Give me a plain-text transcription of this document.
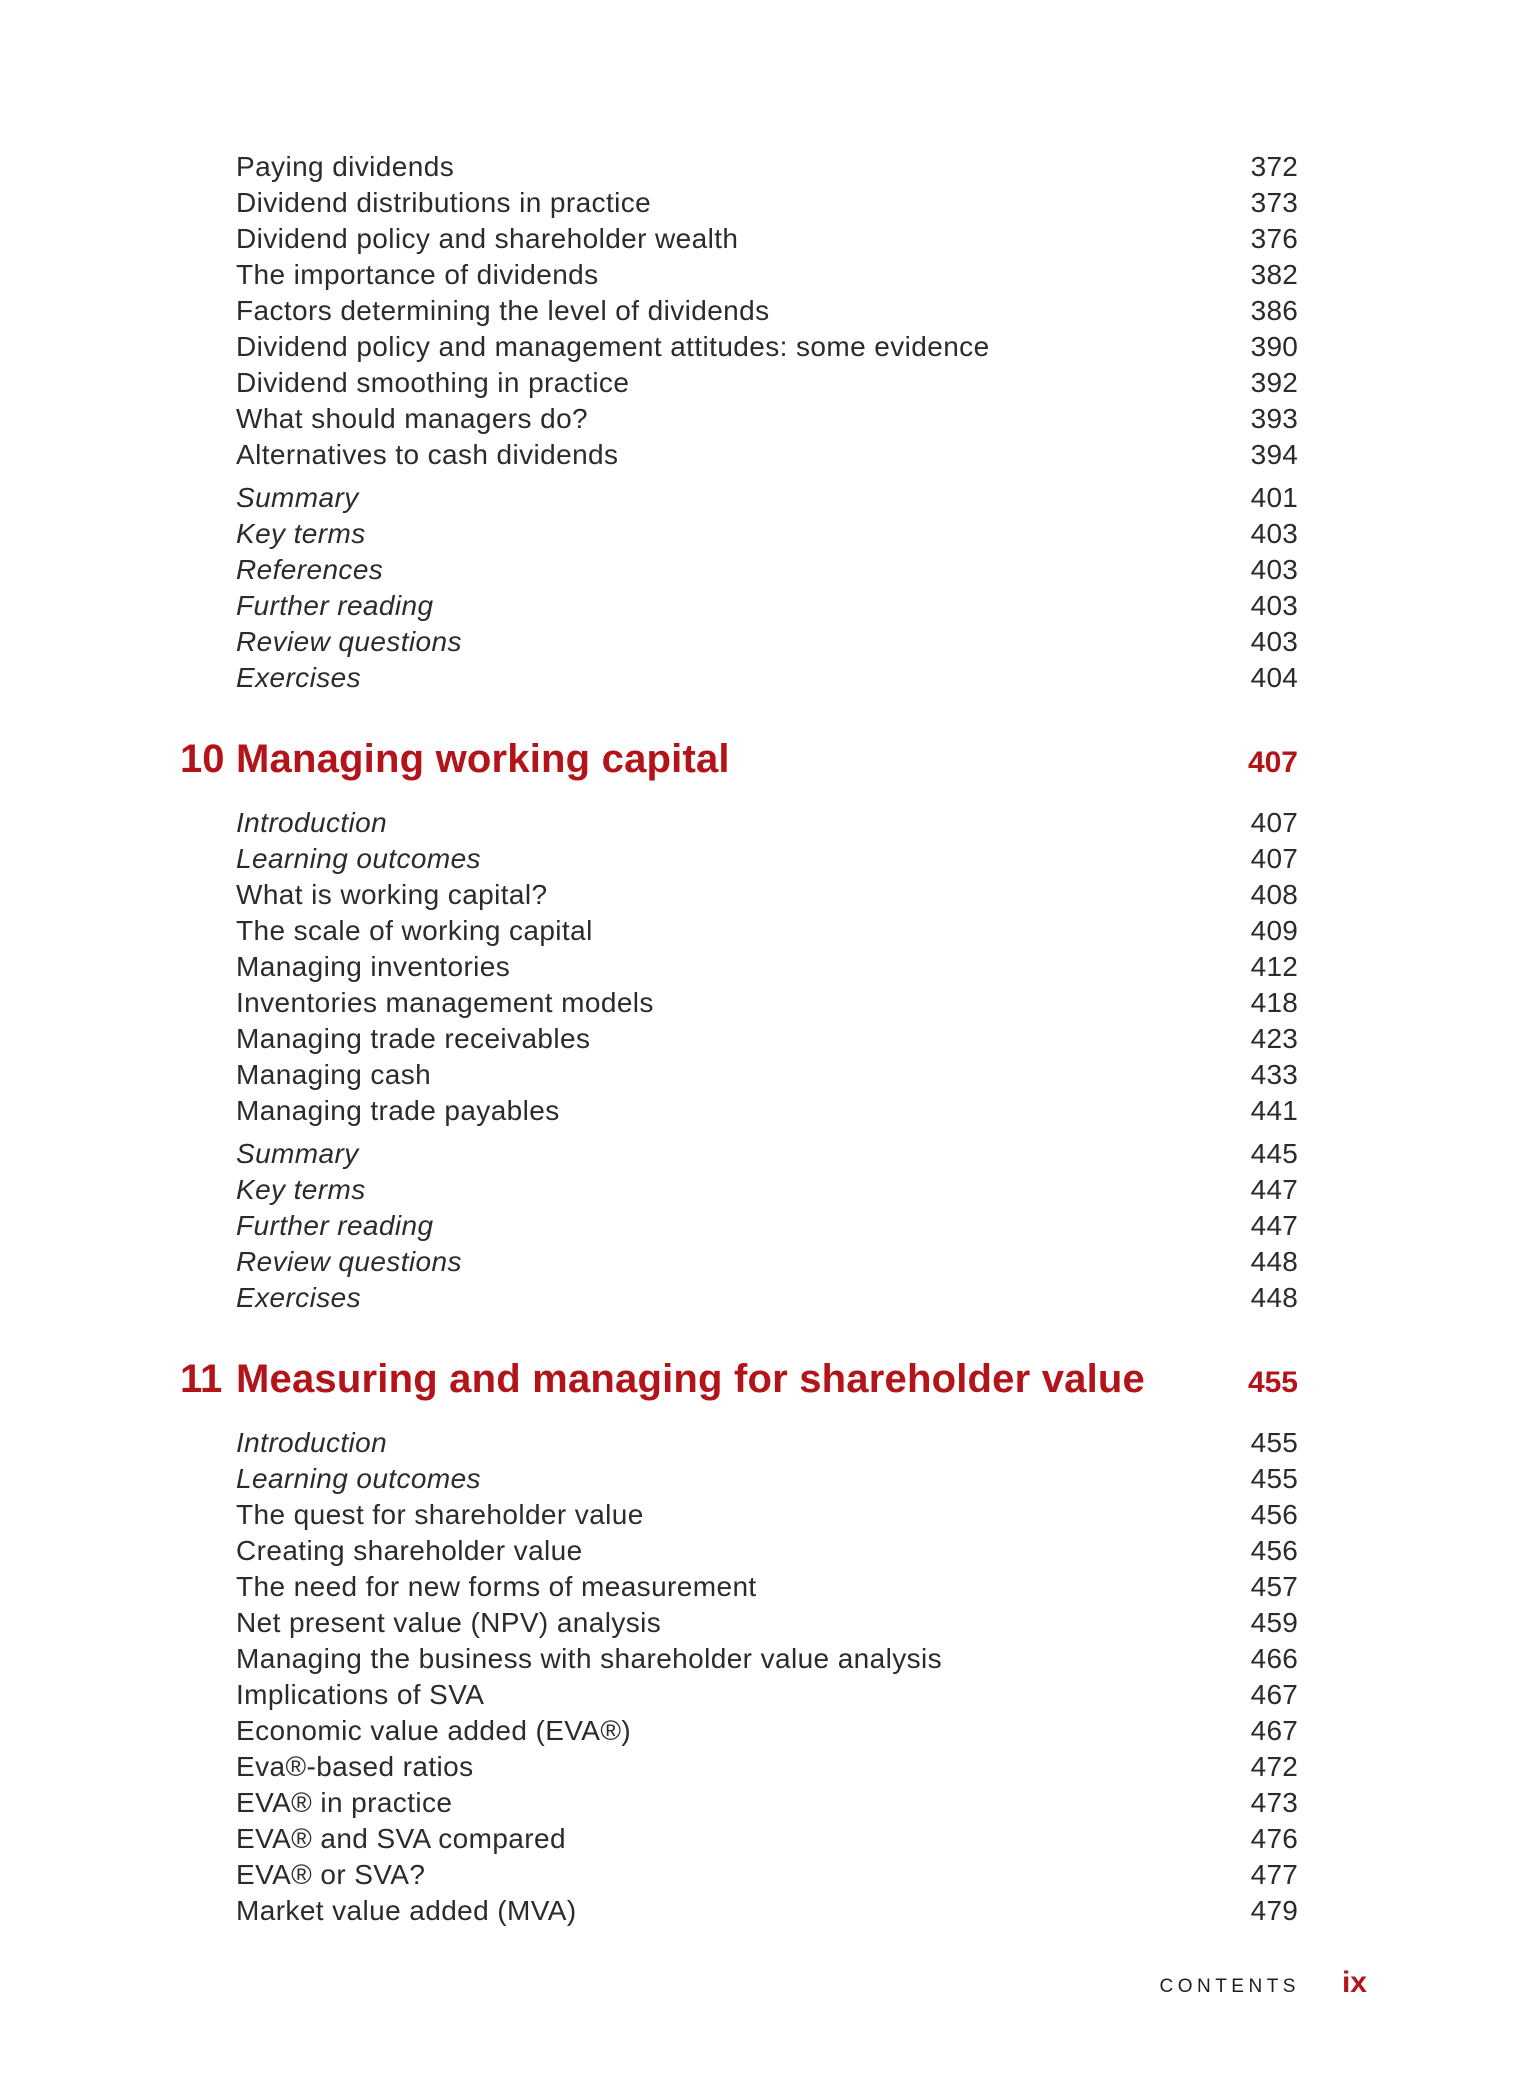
Paying dividends	372
Dividend distributions in practice	373
Dividend policy and shareholder wealth	376
The importance of dividends	382
Factors determining the level of dividends	386
Dividend policy and management attitudes: some evidence	390
Dividend smoothing in practice	392
What should managers do?	393
Alternatives to cash dividends	394
Summary	401
Key terms	403
References	403
Further reading	403
Review questions	403
Exercises	404
10 Managing working capital	407
Introduction	407
Learning outcomes	407
What is working capital?	408
The scale of working capital	409
Managing inventories	412
Inventories management models	418
Managing trade receivables	423
Managing cash	433
Managing trade payables	441
Summary	445
Key terms	447
Further reading	447
Review questions	448
Exercises	448
11 Measuring and managing for shareholder value	455
Introduction	455
Learning outcomes	455
The quest for shareholder value	456
Creating shareholder value	456
The need for new forms of measurement	457
Net present value (NPV) analysis	459
Managing the business with shareholder value analysis	466
Implications of SVA	467
Economic value added (EVA®)	467
Eva®-based ratios	472
EVA® in practice	473
EVA® and SVA compared	476
EVA® or SVA?	477
Market value added (MVA)	479
CONTENTS ix
